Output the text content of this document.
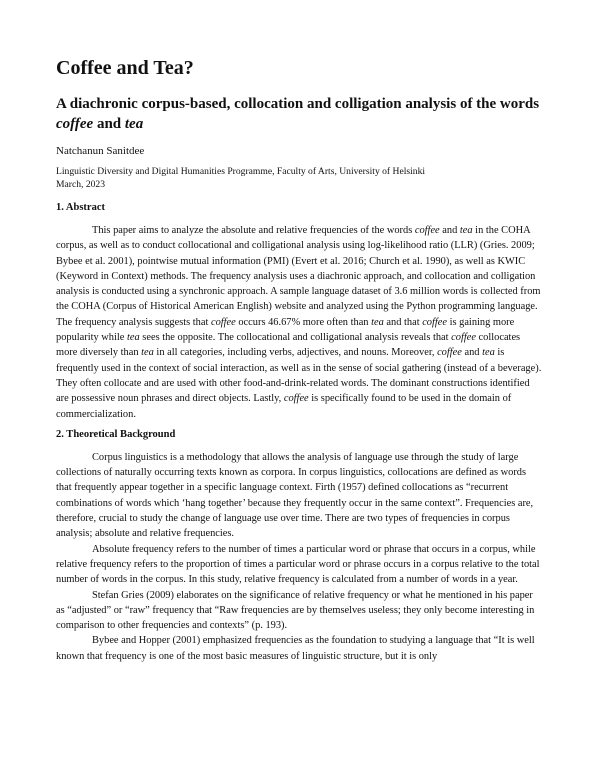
Coffee and Tea?
A diachronic corpus-based, collocation and colligation analysis of the words
coffee and tea
Natchanun Sanitdee
Linguistic Diversity and Digital Humanities Programme, Faculty of Arts, University of Helsinki
March, 2023
1. Abstract

This paper aims to analyze the absolute and relative frequencies of the words coffee and tea in the COHA corpus, as well as to conduct collocational and colligational analysis using log-likelihood ratio (LLR) (Gries. 2009; Bybee et al. 2001), pointwise mutual information (PMI) (Evert et al. 2016; Church et al. 1990), as well as KWIC (Keyword in Context) methods. The frequency analysis uses a diachronic approach, and collocation and colligation analysis is conducted using a synchronic approach. A sample language dataset of 3.6 million words is collected from the COHA (Corpus of Historical American English) website and analyzed using the Python programming language. The frequency analysis suggests that coffee occurs 46.67% more often than tea and that coffee is gaining more popularity while tea sees the opposite. The collocational and colligational analysis reveals that coffee collocates more diversely than tea in all categories, including verbs, adjectives, and nouns. Moreover, coffee and tea is frequently used in the context of social interaction, as well as in the sense of social gathering (instead of a beverage). They often collocate and are used with other food-and-drink-related words. The dominant constructions identified are possessive noun phrases and direct objects. Lastly, coffee is specifically found to be used in the domain of commercialization.

2. Theoretical Background

Corpus linguistics is a methodology that allows the analysis of language use through the study of large collections of naturally occurring texts known as corpora. In corpus linguistics, collocations are defined as words that frequently appear together in a specific language context. Firth (1957) defined collocations as “recurrent combinations of words which ‘hang together’ because they frequently occur in the same context”. Frequencies are, therefore, crucial to study the change of language use over time. There are two types of frequencies in corpus analysis; absolute and relative frequencies.

Absolute frequency refers to the number of times a particular word or phrase that occurs in a corpus, while relative frequency refers to the proportion of times a particular word or phrase occurs in a corpus relative to the total number of words in the corpus. In this study, relative frequency is calculated from a number of words in a year.

Stefan Gries (2009) elaborates on the significance of relative frequency or what he mentioned in his paper as “adjusted” or “raw” frequency that “Raw frequencies are by themselves useless; they only become interesting in comparison to other frequencies and contexts” (p. 193).

Bybee and Hopper (2001) emphasized frequencies as the foundation to studying a language that “It is well known that frequency is one of the most basic measures of linguistic structure, but it is only
